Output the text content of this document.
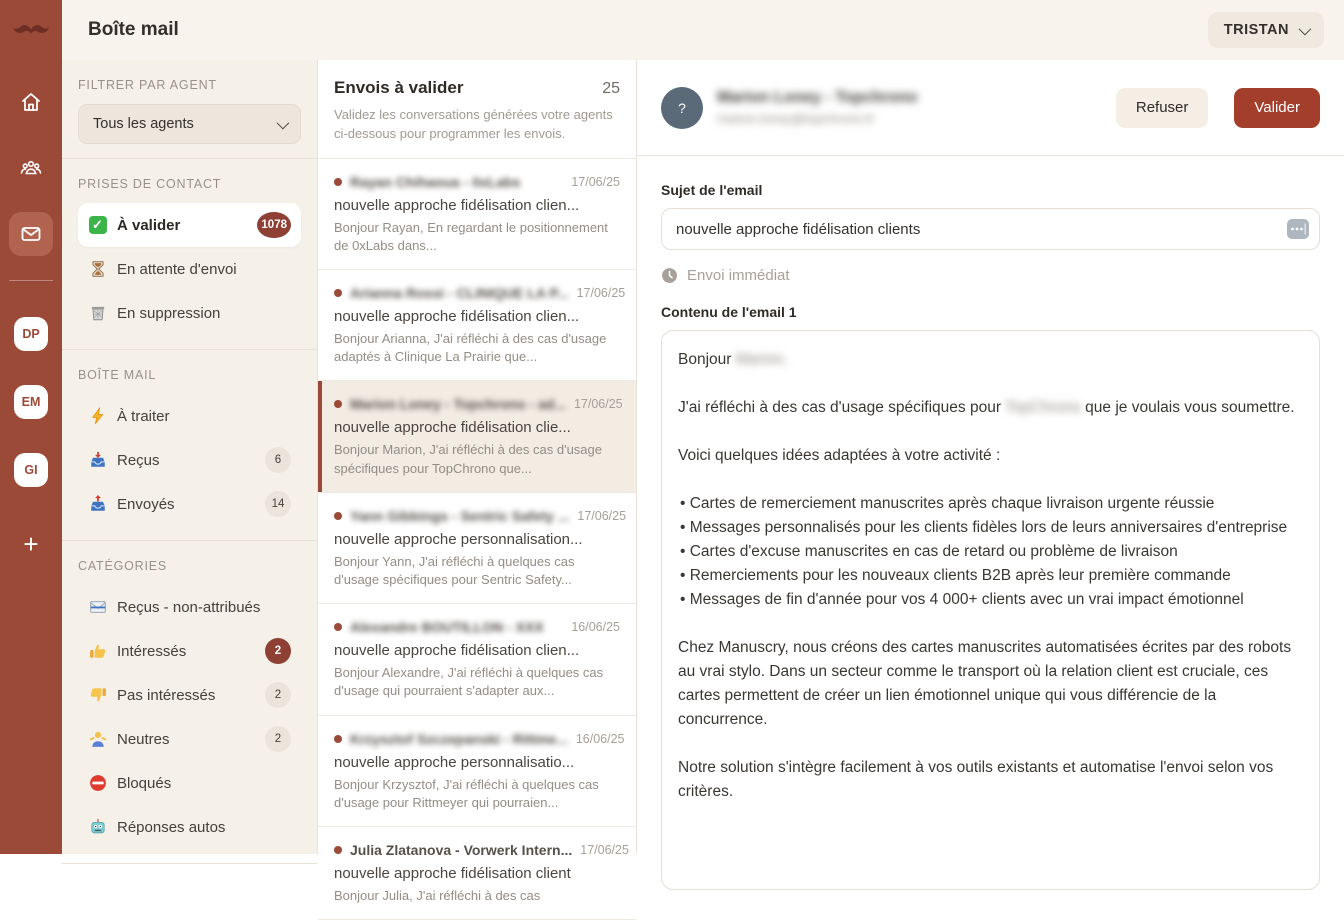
DP
EM
GI
+
Boîte mail	TRISTAN
FILTRER PAR AGENT
Tous les agents
PRISES DE CONTACT
✓ À valider	1078
En attente d'envoi
En suppression
BOÎTE MAIL
À traiter
Reçus	6
Envoyés	14
CATÉGORIES
Reçus - non-attribués
Intéressés	2
Pas intéressés	2
Neutres	2
Bloqués
Réponses autos
Envois à valider	25
Validez les conversations générées votre agents ci-dessous pour programmer les envois.
Rayan Chihaoua - 0xLabs	17/06/25
nouvelle approche fidélisation clien...
Bonjour Rayan, En regardant le positionnement de 0xLabs dans...
Arianna Rossi - CLINIQUE LA P... 17/06/25
nouvelle approche fidélisation clien...
Bonjour Arianna, J'ai réfléchi à des cas d'usage adaptés à Clinique La Prairie que...
Marion Loney - Topchrono - ad... 17/06/25
nouvelle approche fidélisation clie...
Bonjour Marion, J'ai réfléchi à des cas d'usage spécifiques pour TopChrono que...
Yann Gibbings - Sentric Safety ... 17/06/25
nouvelle approche personnalisation...
Bonjour Yann, J'ai réfléchi à quelques cas d'usage spécifiques pour Sentric Safety...
Alexandre BOUTILLON - XXX	16/06/25
nouvelle approche fidélisation clien...
Bonjour Alexandre, J'ai réfléchi à quelques cas d'usage qui pourraient s'adapter aux...
Krzysztof Szczepanski - Rittme... 16/06/25
nouvelle approche personnalisatio...
Bonjour Krzysztof, J'ai réfléchi à quelques cas d'usage pour Rittmeyer qui pourraien...
Julia Zlatanova - Vorwerk Intern... 17/06/25
nouvelle approche fidélisation client
Bonjour Julia, J'ai réfléchi à des cas
?
Marion Loney - Topchrono
marion.loney@topchrono.fr
Refuser	Valider
Sujet de l'email
nouvelle approche fidélisation clients
Envoi immédiat
Contenu de l'email 1

Bonjour Marion,

J'ai réfléchi à des cas d'usage spécifiques pour TopChrono que je voulais vous soumettre.

Voici quelques idées adaptées à votre activité :

• Cartes de remerciement manuscrites après chaque livraison urgente réussie
• Messages personnalisés pour les clients fidèles lors de leurs anniversaires d'entreprise
• Cartes d'excuse manuscrites en cas de retard ou problème de livraison
• Remerciements pour les nouveaux clients B2B après leur première commande
• Messages de fin d'année pour vos 4 000+ clients avec un vrai impact émotionnel

Chez Manuscry, nous créons des cartes manuscrites automatisées écrites par des robots au vrai stylo. Dans un secteur comme le transport où la relation client est cruciale, ces cartes permettent de créer un lien émotionnel unique qui vous différencie de la concurrence.

Notre solution s'intègre facilement à vos outils existants et automatise l'envoi selon vos critères.
